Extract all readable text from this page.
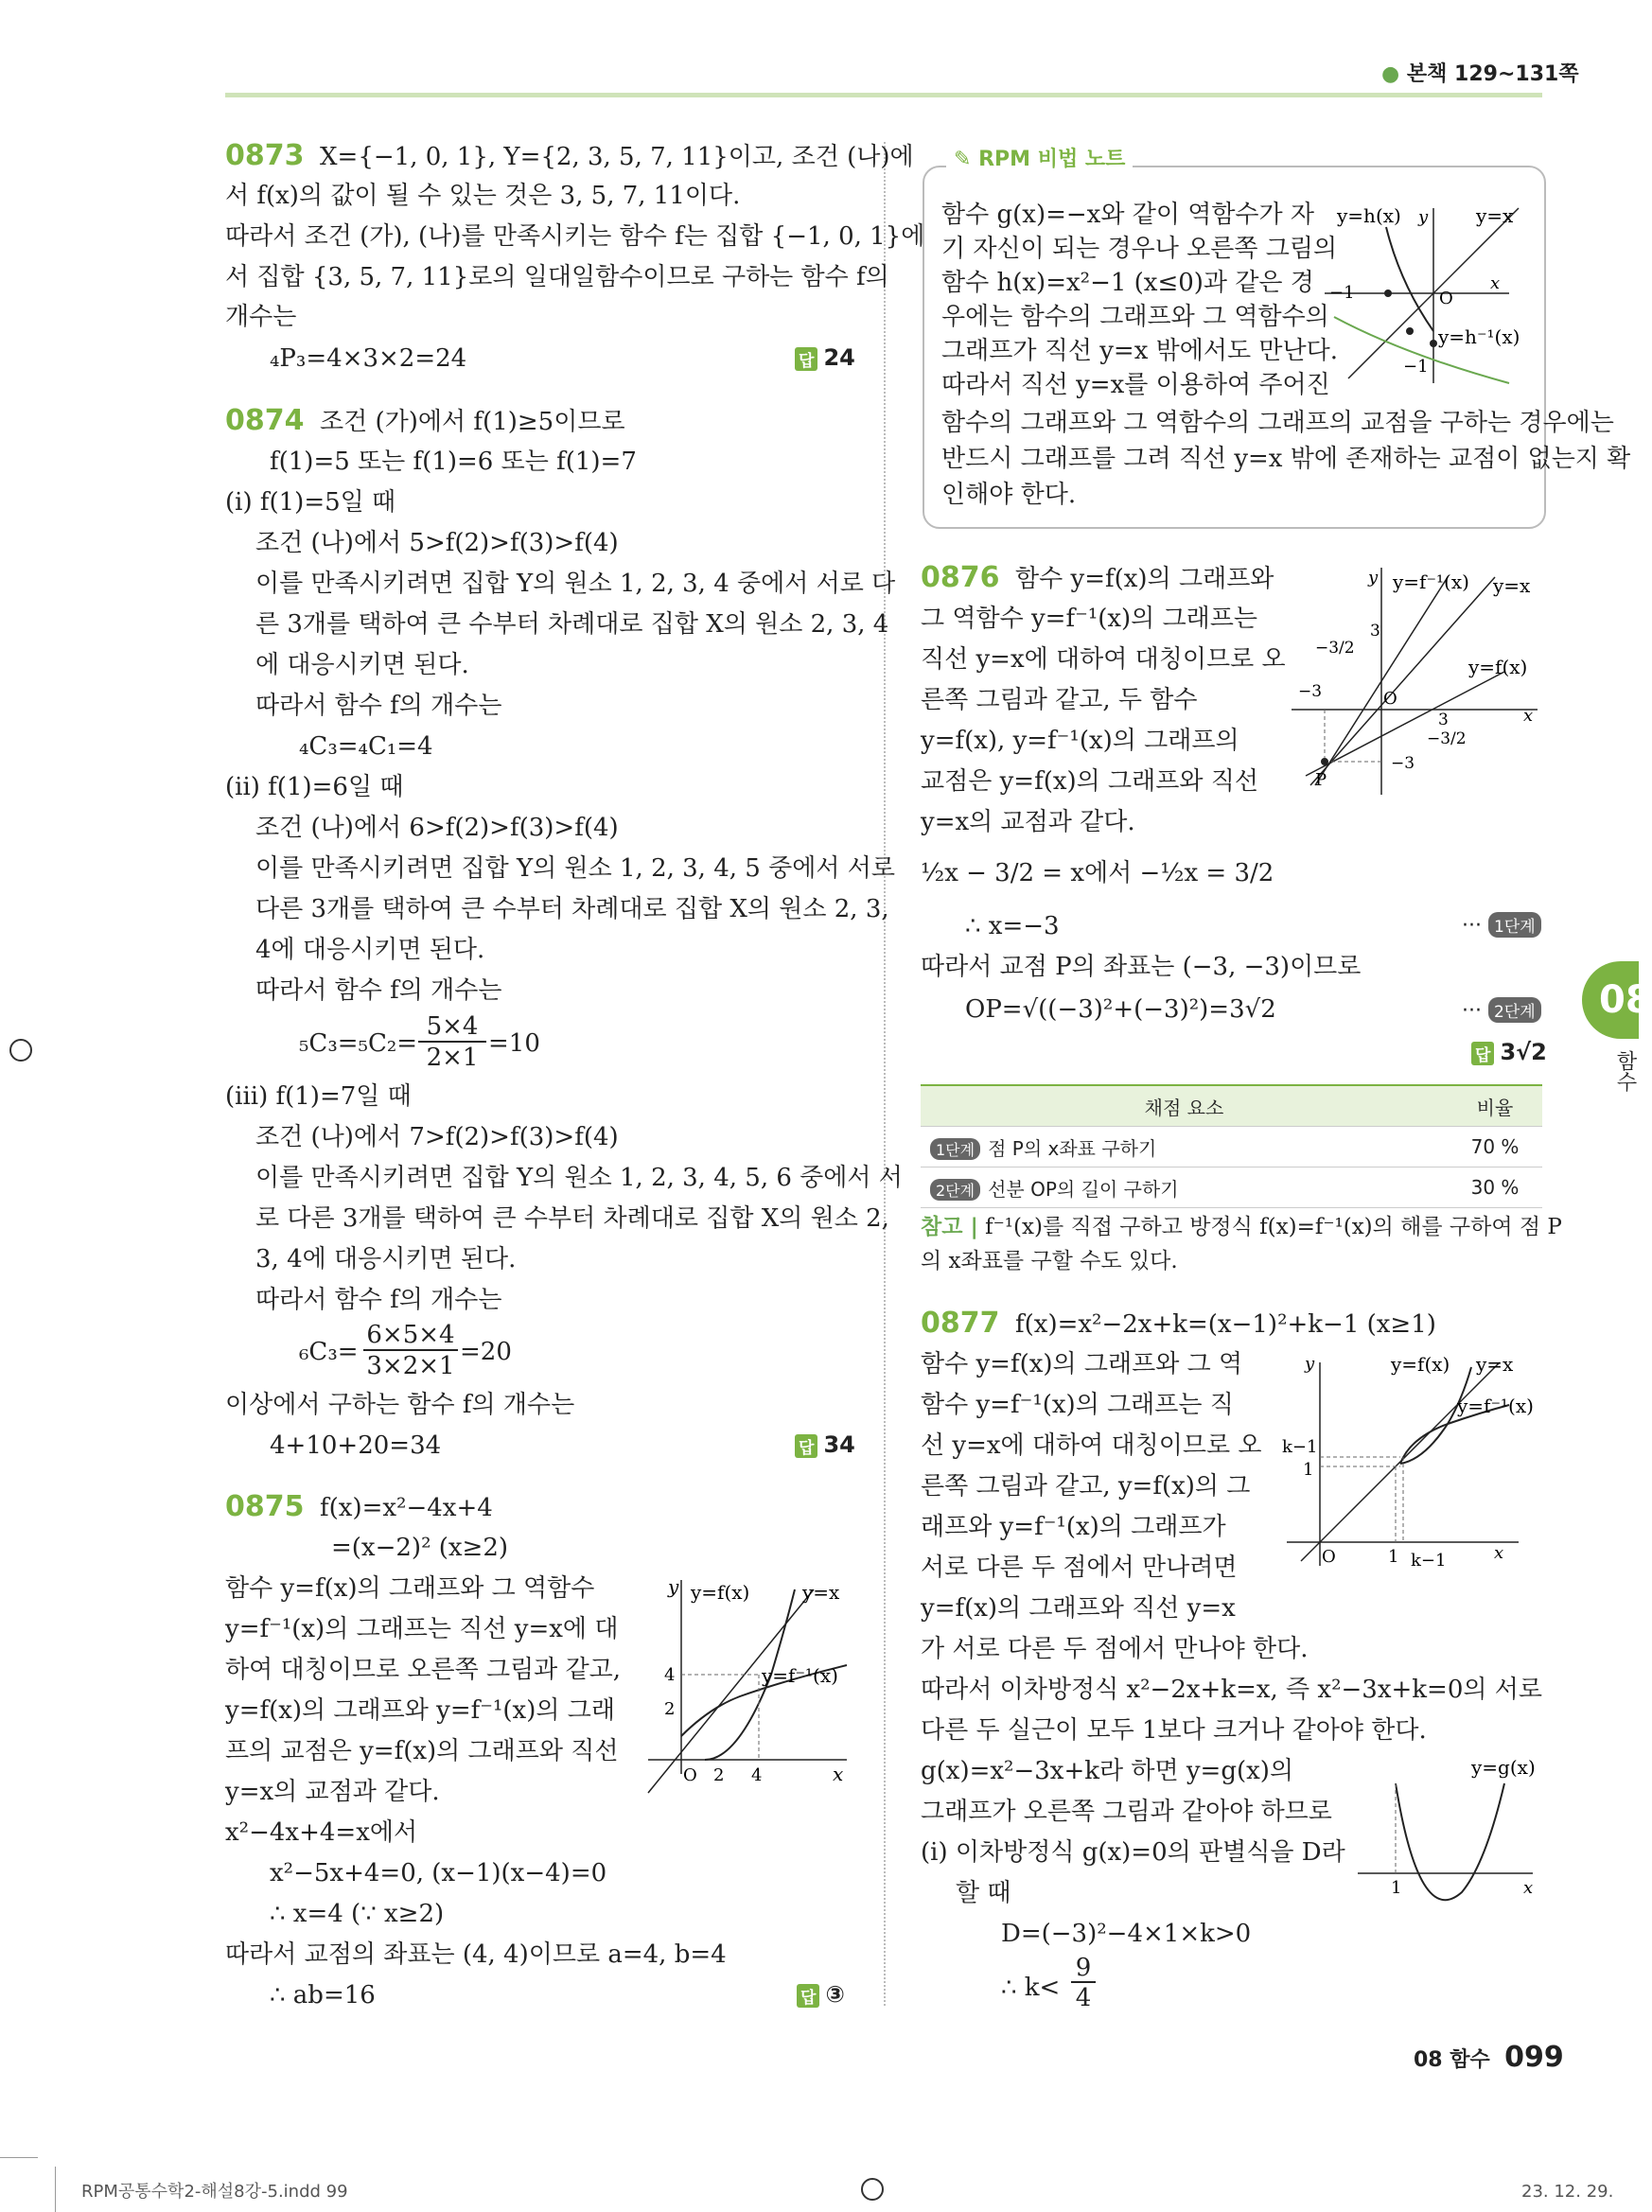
● 본책 129~131쪽
0873 X={−1, 0, 1}, Y={2, 3, 5, 7, 11}이고, 조건 (나)에
서 f(x)의 값이 될 수 있는 것은 3, 5, 7, 11이다.
따라서 조건 (가), (나)를 만족시키는 함수 f는 집합 {−1, 0, 1}에
서 집합 {3, 5, 7, 11}로의 일대일함수이므로 구하는 함수 f의
개수는
₄P₃=4×3×2=24	답 24
0874 조건 (가)에서 f(1)≥5이므로
f(1)=5 또는 f(1)=6 또는 f(1)=7
(i) f(1)=5일 때
조건 (나)에서 5>f(2)>f(3)>f(4)
이를 만족시키려면 집합 Y의 원소 1, 2, 3, 4 중에서 서로 다
른 3개를 택하여 큰 수부터 차례대로 집합 X의 원소 2, 3, 4
에 대응시키면 된다.
따라서 함수 f의 개수는
₄C₃=₄C₁=4
(ii) f(1)=6일 때
조건 (나)에서 6>f(2)>f(3)>f(4)
이를 만족시키려면 집합 Y의 원소 1, 2, 3, 4, 5 중에서 서로
다른 3개를 택하여 큰 수부터 차례대로 집합 X의 원소 2, 3,
4에 대응시키면 된다.
따라서 함수 f의 개수는
₅C₃=₅C₂=
5×4
2×1 =10
(iii) f(1)=7일 때
조건 (나)에서 7>f(2)>f(3)>f(4)
이를 만족시키려면 집합 Y의 원소 1, 2, 3, 4, 5, 6 중에서 서
로 다른 3개를 택하여 큰 수부터 차례대로 집합 X의 원소 2,
3, 4에 대응시키면 된다.
따라서 함수 f의 개수는
₆C₃=
6×5×4
3×2×1 =20
이상에서 구하는 함수 f의 개수는
4+10+20=34	답 34
0875 f(x)=x²−4x+4
=(x−2)² (x≥2)
함수 y=f(x)의 그래프와 그 역함수
y=f⁻¹(x)의 그래프는 직선 y=x에 대
하여 대칭이므로 오른쪽 그림과 같고,
y=f(x)의 그래프와 y=f⁻¹(x)의 그래
프의 교점은 y=f(x)의 그래프와 직선
y=x의 교점과 같다.
x²−4x+4=x에서
x²−5x+4=0, (x−1)(x−4)=0
∴ x=4 (∵ x≥2)
따라서 교점의 좌표는 (4, 4)이므로 a=4, b=4
∴ ab=16	답 ③
y y=f(x)	y=x
y=f⁻¹(x)
4
2
O 2 4	x
✎ RPM 비법 노트
함수 g(x)=−x와 같이 역함수가 자
기 자신이 되는 경우나 오른쪽 그림의
함수 h(x)=x²−1 (x≤0)과 같은 경
우에는 함수의 그래프와 그 역함수의
그래프가 직선 y=x 밖에서도 만난다.
따라서 직선 y=x를 이용하여 주어진
함수의 그래프와 그 역함수의 그래프의 교점을 구하는 경우에는
반드시 그래프를 그려 직선 y=x 밖에 존재하는 교점이 없는지 확
인해야 한다.
y=h(x) y	y=x
−1	O
x
y=h⁻¹(x)
−1
0876 함수 y=f(x)의 그래프와
그 역함수 y=f⁻¹(x)의 그래프는
직선 y=x에 대하여 대칭이므로 오
른쪽 그림과 같고, 두 함수
y=f(x), y=f⁻¹(x)의 그래프의
교점은 y=f(x)의 그래프와 직선
y=x의 교점과 같다.
½x − 3/2 = x에서 −½x = 3/2
∴ x=−3	··· 1단계
따라서 교점 P의 좌표는 (−3, −3)이므로
OP=√((−3)²+(−3)²)=3√2	··· 2단계
답 3√2
y y=f⁻¹(x) y=x
y=f(x)
−3/2
3
−3	O
3
−3/2
−3
x
P
채점 요소	비율
1단계 점 P의 x좌표 구하기	70 %
2단계 선분 OP의 길이 구하기	30 %
참고 | f⁻¹(x)를 직접 구하고 방정식 f(x)=f⁻¹(x)의 해를 구하여 점 P
의 x좌표를 구할 수도 있다.
0877 f(x)=x²−2x+k=(x−1)²+k−1 (x≥1)
함수 y=f(x)의 그래프와 그 역
함수 y=f⁻¹(x)의 그래프는 직
선 y=x에 대하여 대칭이므로 오
른쪽 그림과 같고, y=f(x)의 그
래프와 y=f⁻¹(x)의 그래프가
서로 다른 두 점에서 만나려면
y=f(x)의 그래프와 직선 y=x
가 서로 다른 두 점에서 만나야 한다.
따라서 이차방정식 x²−2x+k=x, 즉 x²−3x+k=0의 서로
다른 두 실근이 모두 1보다 크거나 같아야 한다.
g(x)=x²−3x+k라 하면 y=g(x)의
그래프가 오른쪽 그림과 같아야 하므로
(i) 이차방정식 g(x)=0의 판별식을 D라
할 때
D=(−3)²−4×1×k>0
∴ k<
9
4
y	y=f(x) y=x
y=f⁻¹(x)
k−1
1
O	1 k−1	x
y=g(x)
1	x
08
함수
08 함수 099
RPM공통수학2-해설8강-5.indd 99	23. 12. 29.
